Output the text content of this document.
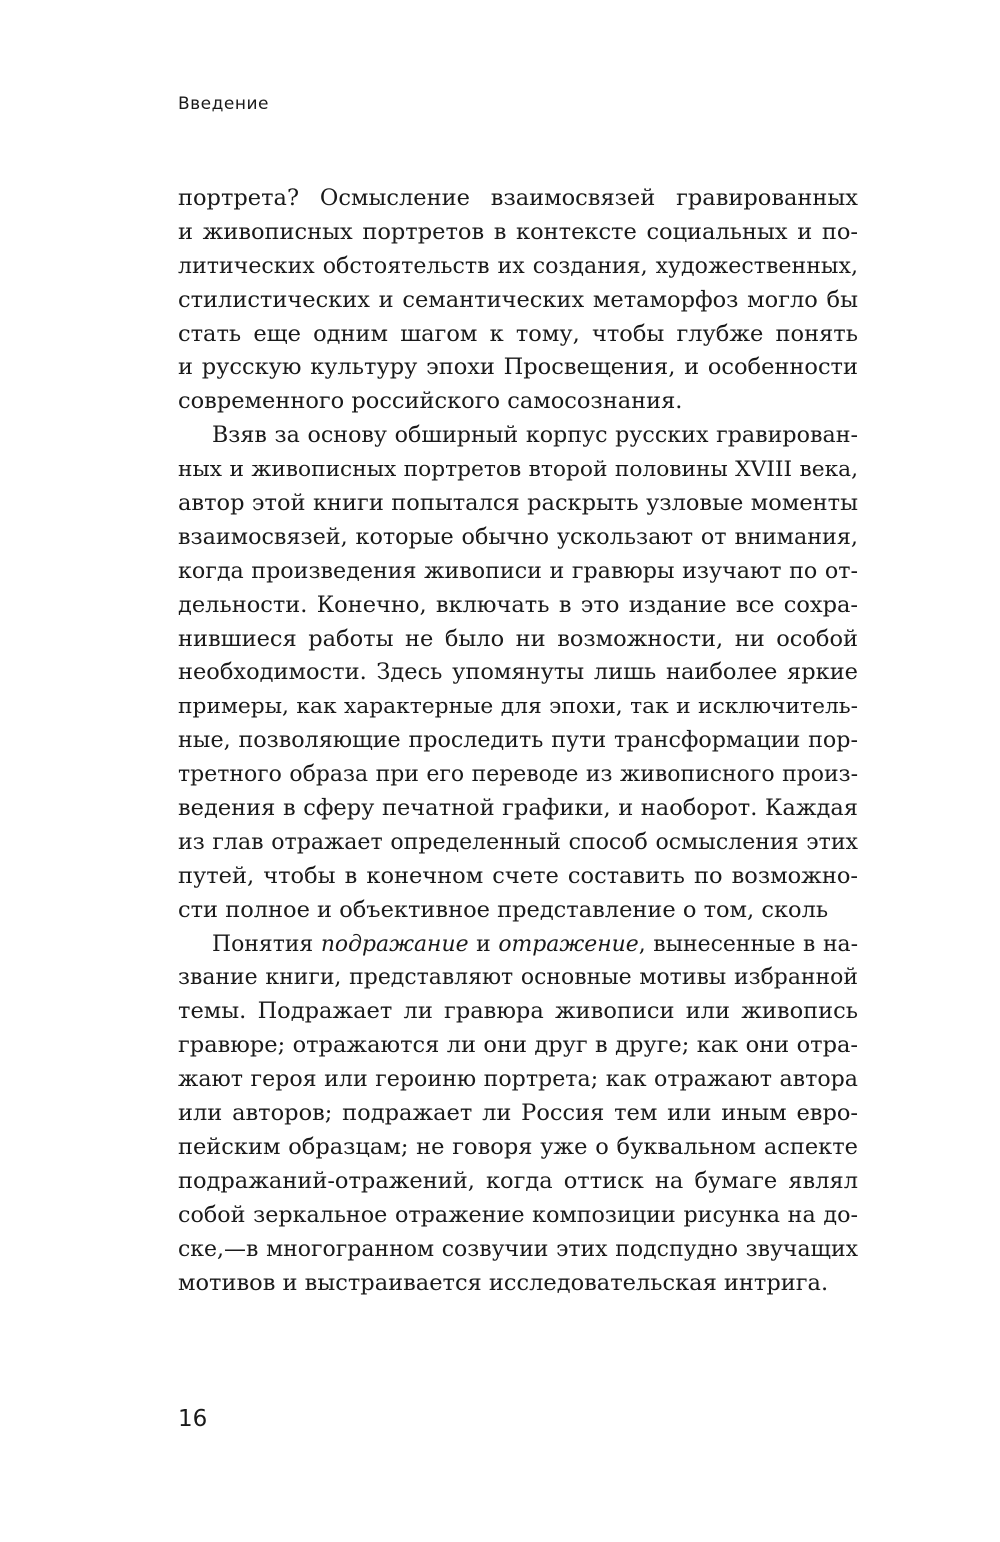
Введение
портрета? Осмысление взаимосвязей гравированных
и живописных портретов в контексте социальных и по-
литических обстоятельств их создания, художественных,
стилистических и семантических метаморфоз могло бы
стать еще одним шагом к тому, чтобы глубже понять
и русскую культуру эпохи Просвещения, и особенности
современного российского самосознания.
Взяв за основу обширный корпус русских гравирован-
ных и живописных портретов второй половины XVIII века,
автор этой книги попытался раскрыть узловые моменты
взаимосвязей, которые обычно ускользают от внимания,
когда произведения живописи и гравюры изучают по от-
дельности. Конечно, включать в это издание все сохра-
нившиеся работы не было ни возможности, ни особой
необходимости. Здесь упомянуты лишь наиболее яркие
примеры, как характерные для эпохи, так и исключитель-
ные, позволяющие проследить пути трансформации пор-
третного образа при его переводе из живописного произ-
ведения в сферу печатной графики, и наоборот. Каждая
из глав отражает определенный способ осмысления этих
путей, чтобы в конечном счете составить по возможно-
сти полное и объективное представление о том, сколь
Понятия подражание и отражение, вынесенные в на-
звание книги, представляют основные мотивы избранной
темы. Подражает ли гравюра живописи или живопись
гравюре; отражаются ли они друг в друге; как они отра-
жают героя или героиню портрета; как отражают автора
или авторов; подражает ли Россия тем или иным евро-
пейским образцам; не говоря уже о буквальном аспекте
подражаний-отражений, когда оттиск на бумаге являл
собой зеркальное отражение композиции рисунка на до-
ске,—в многогранном созвучии этих подспудно звучащих
мотивов и выстраивается исследовательская интрига.
16
